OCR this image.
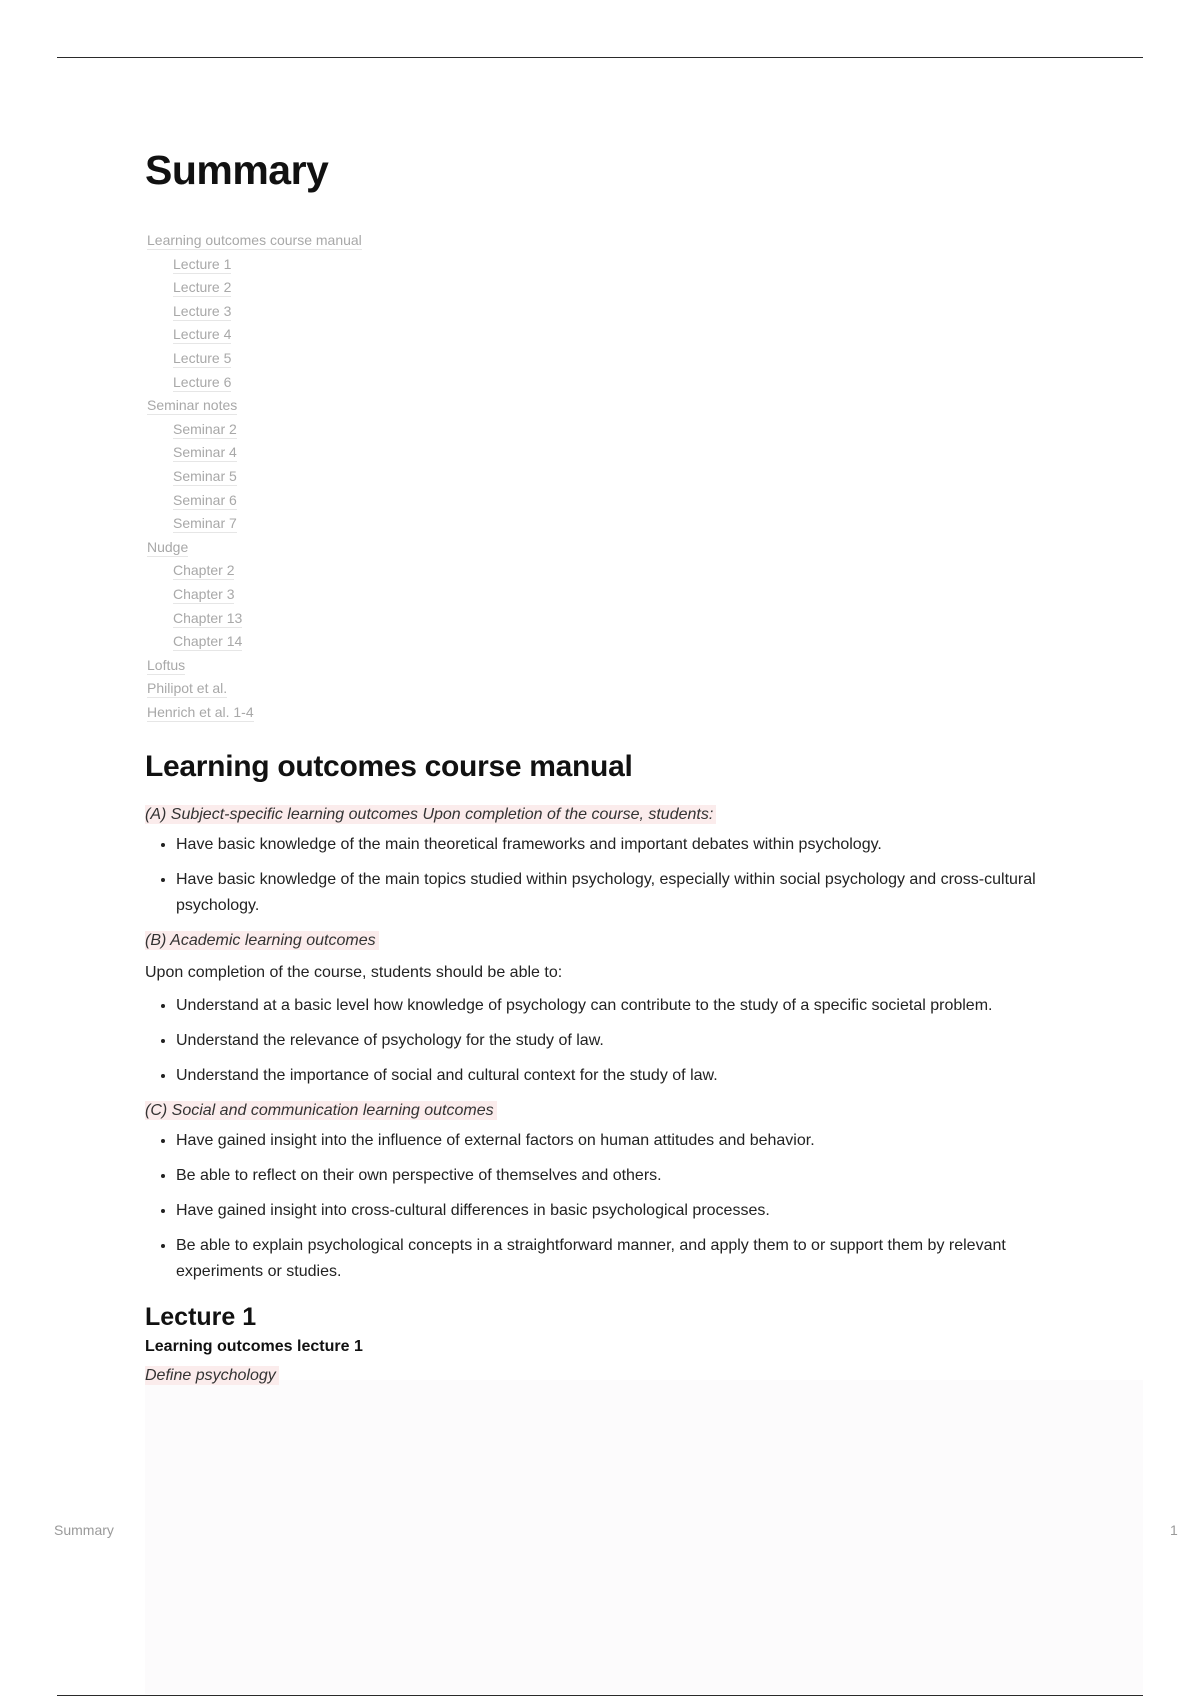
Summary
Learning outcomes course manual
Lecture 1
Lecture 2
Lecture 3
Lecture 4
Lecture 5
Lecture 6
Seminar notes
Seminar 2
Seminar 4
Seminar 5
Seminar 6
Seminar 7
Nudge
Chapter 2
Chapter 3
Chapter 13
Chapter 14
Loftus
Philipot et al.
Henrich et al. 1-4
Learning outcomes course manual

(A) Subject-specific learning outcomes Upon completion of the course, students:

• Have basic knowledge of the main theoretical frameworks and important debates within psychology.
• Have basic knowledge of the main topics studied within psychology, especially within social psychology and cross-cultural psychology.

(B) Academic learning outcomes

Upon completion of the course, students should be able to:

• Understand at a basic level how knowledge of psychology can contribute to the study of a specific societal problem.
• Understand the relevance of psychology for the study of law.
• Understand the importance of social and cultural context for the study of law.

(C) Social and communication learning outcomes

• Have gained insight into the influence of external factors on human attitudes and behavior.
• Be able to reflect on their own perspective of themselves and others.
• Have gained insight into cross-cultural differences in basic psychological processes.
• Be able to explain psychological concepts in a straightforward manner, and apply them to or support them by relevant experiments or studies.
Lecture 1
Learning outcomes lecture 1

Define psychology

Summary	1
